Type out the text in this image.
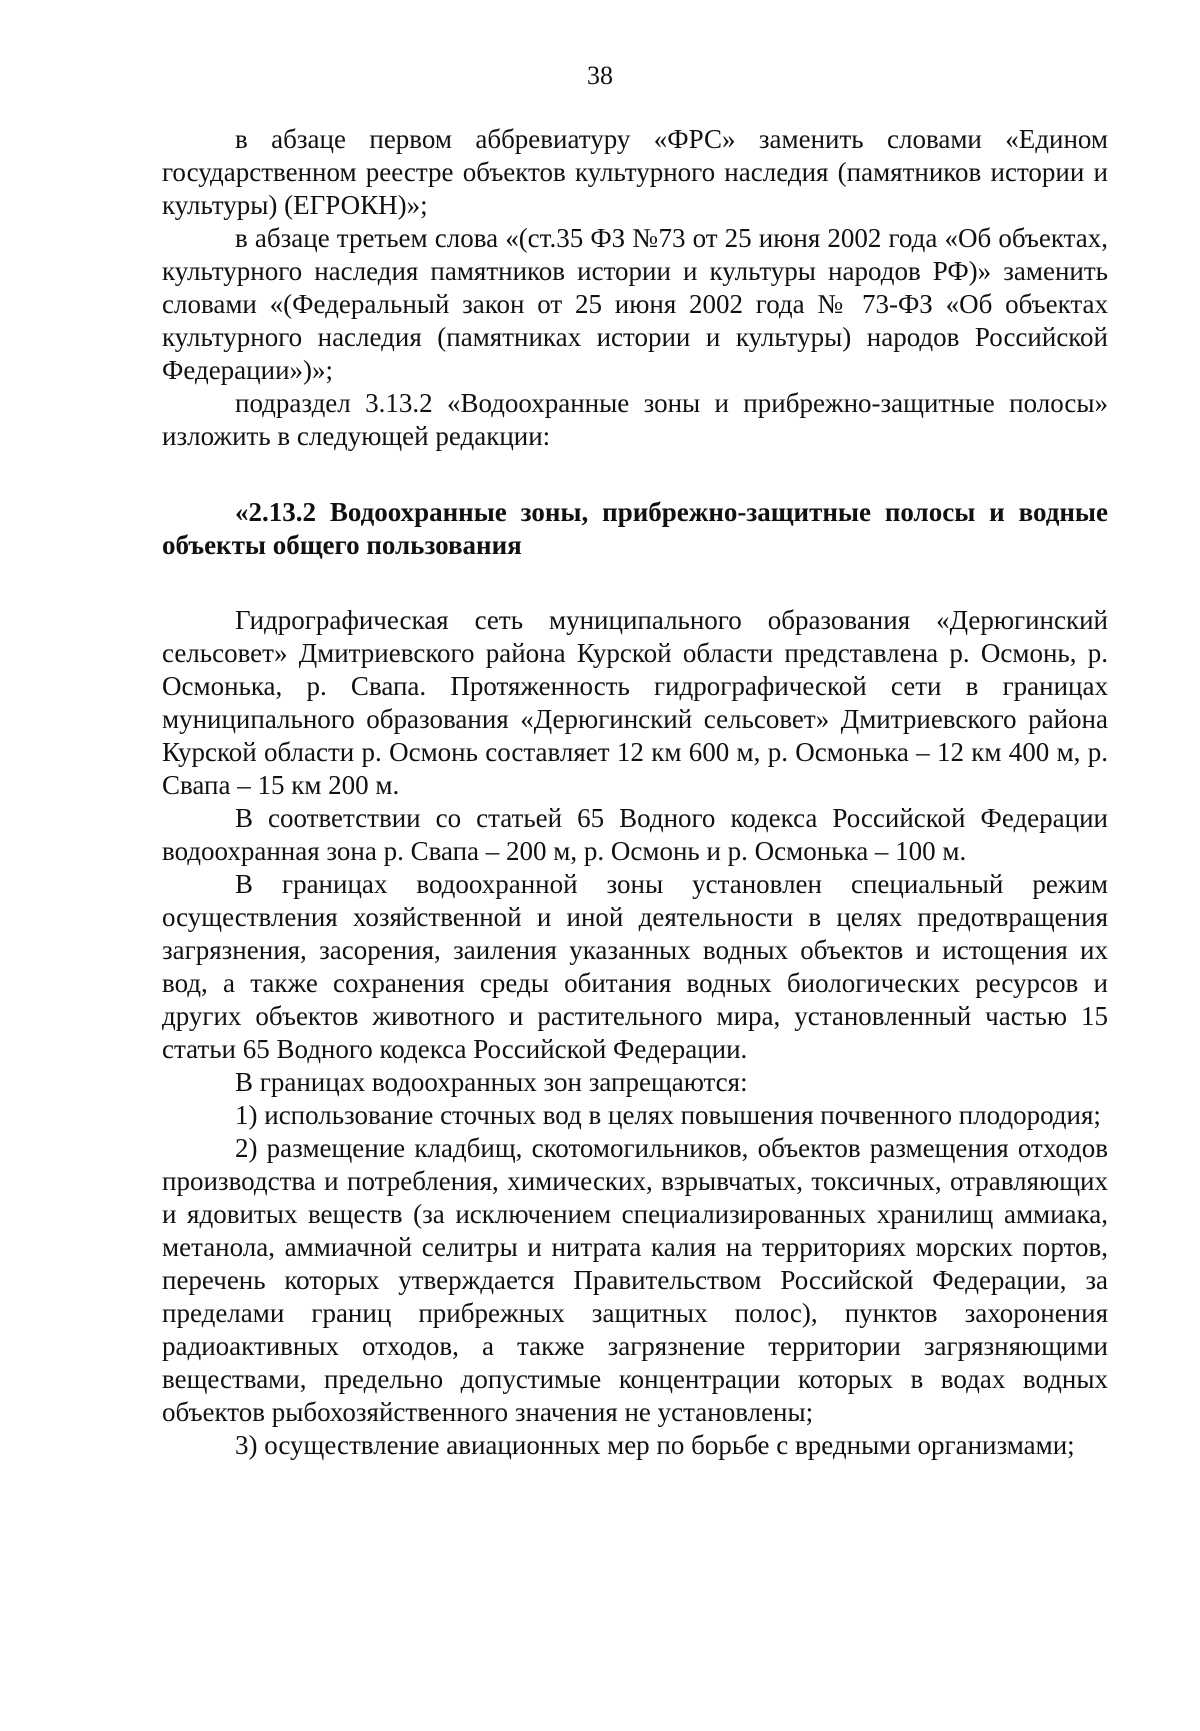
38

в абзаце первом аббревиатуру «ФРС» заменить словами «Едином государственном реестре объектов культурного наследия (памятников истории и культуры) (ЕГРОКН)»;

в абзаце третьем слова «(ст.35 ФЗ №73 от 25 июня 2002 года «Об объектах, культурного наследия памятников истории и культуры народов РФ)» заменить словами «(Федеральный закон от 25 июня 2002 года № 73-ФЗ «Об объектах культурного наследия (памятниках истории и культуры) народов Российской Федерации»)»;

подраздел 3.13.2 «Водоохранные зоны и прибрежно-защитные полосы» изложить в следующей редакции:

«2.13.2 Водоохранные зоны, прибрежно-защитные полосы и водные объекты общего пользования

Гидрографическая сеть муниципального образования «Дерюгинский сельсовет» Дмитриевского района Курской области представлена р. Осмонь, р. Осмонька, р. Свапа. Протяженность гидрографической сети в границах муниципального образования «Дерюгинский сельсовет» Дмитриевского района Курской области р. Осмонь составляет 12 км 600 м, р. Осмонька – 12 км 400 м, р. Свапа – 15 км 200 м.

В соответствии со статьей 65 Водного кодекса Российской Федерации водоохранная зона р. Свапа – 200 м, р. Осмонь и р. Осмонька – 100 м.

В границах водоохранной зоны установлен специальный режим осуществления хозяйственной и иной деятельности в целях предотвращения загрязнения, засорения, заиления указанных водных объектов и истощения их вод, а также сохранения среды обитания водных биологических ресурсов и других объектов животного и растительного мира, установленный частью 15 статьи 65 Водного кодекса Российской Федерации.

В границах водоохранных зон запрещаются:

1) использование сточных вод в целях повышения почвенного плодородия;

2) размещение кладбищ, скотомогильников, объектов размещения отходов производства и потребления, химических, взрывчатых, токсичных, отравляющих и ядовитых веществ (за исключением специализированных хранилищ аммиака, метанола, аммиачной селитры и нитрата калия на территориях морских портов, перечень которых утверждается Правительством Российской Федерации, за пределами границ прибрежных защитных полос), пунктов захоронения радиоактивных отходов, а также загрязнение территории загрязняющими веществами, предельно допустимые концентрации которых в водах водных объектов рыбохозяйственного значения не установлены;

3) осуществление авиационных мер по борьбе с вредными организмами;
